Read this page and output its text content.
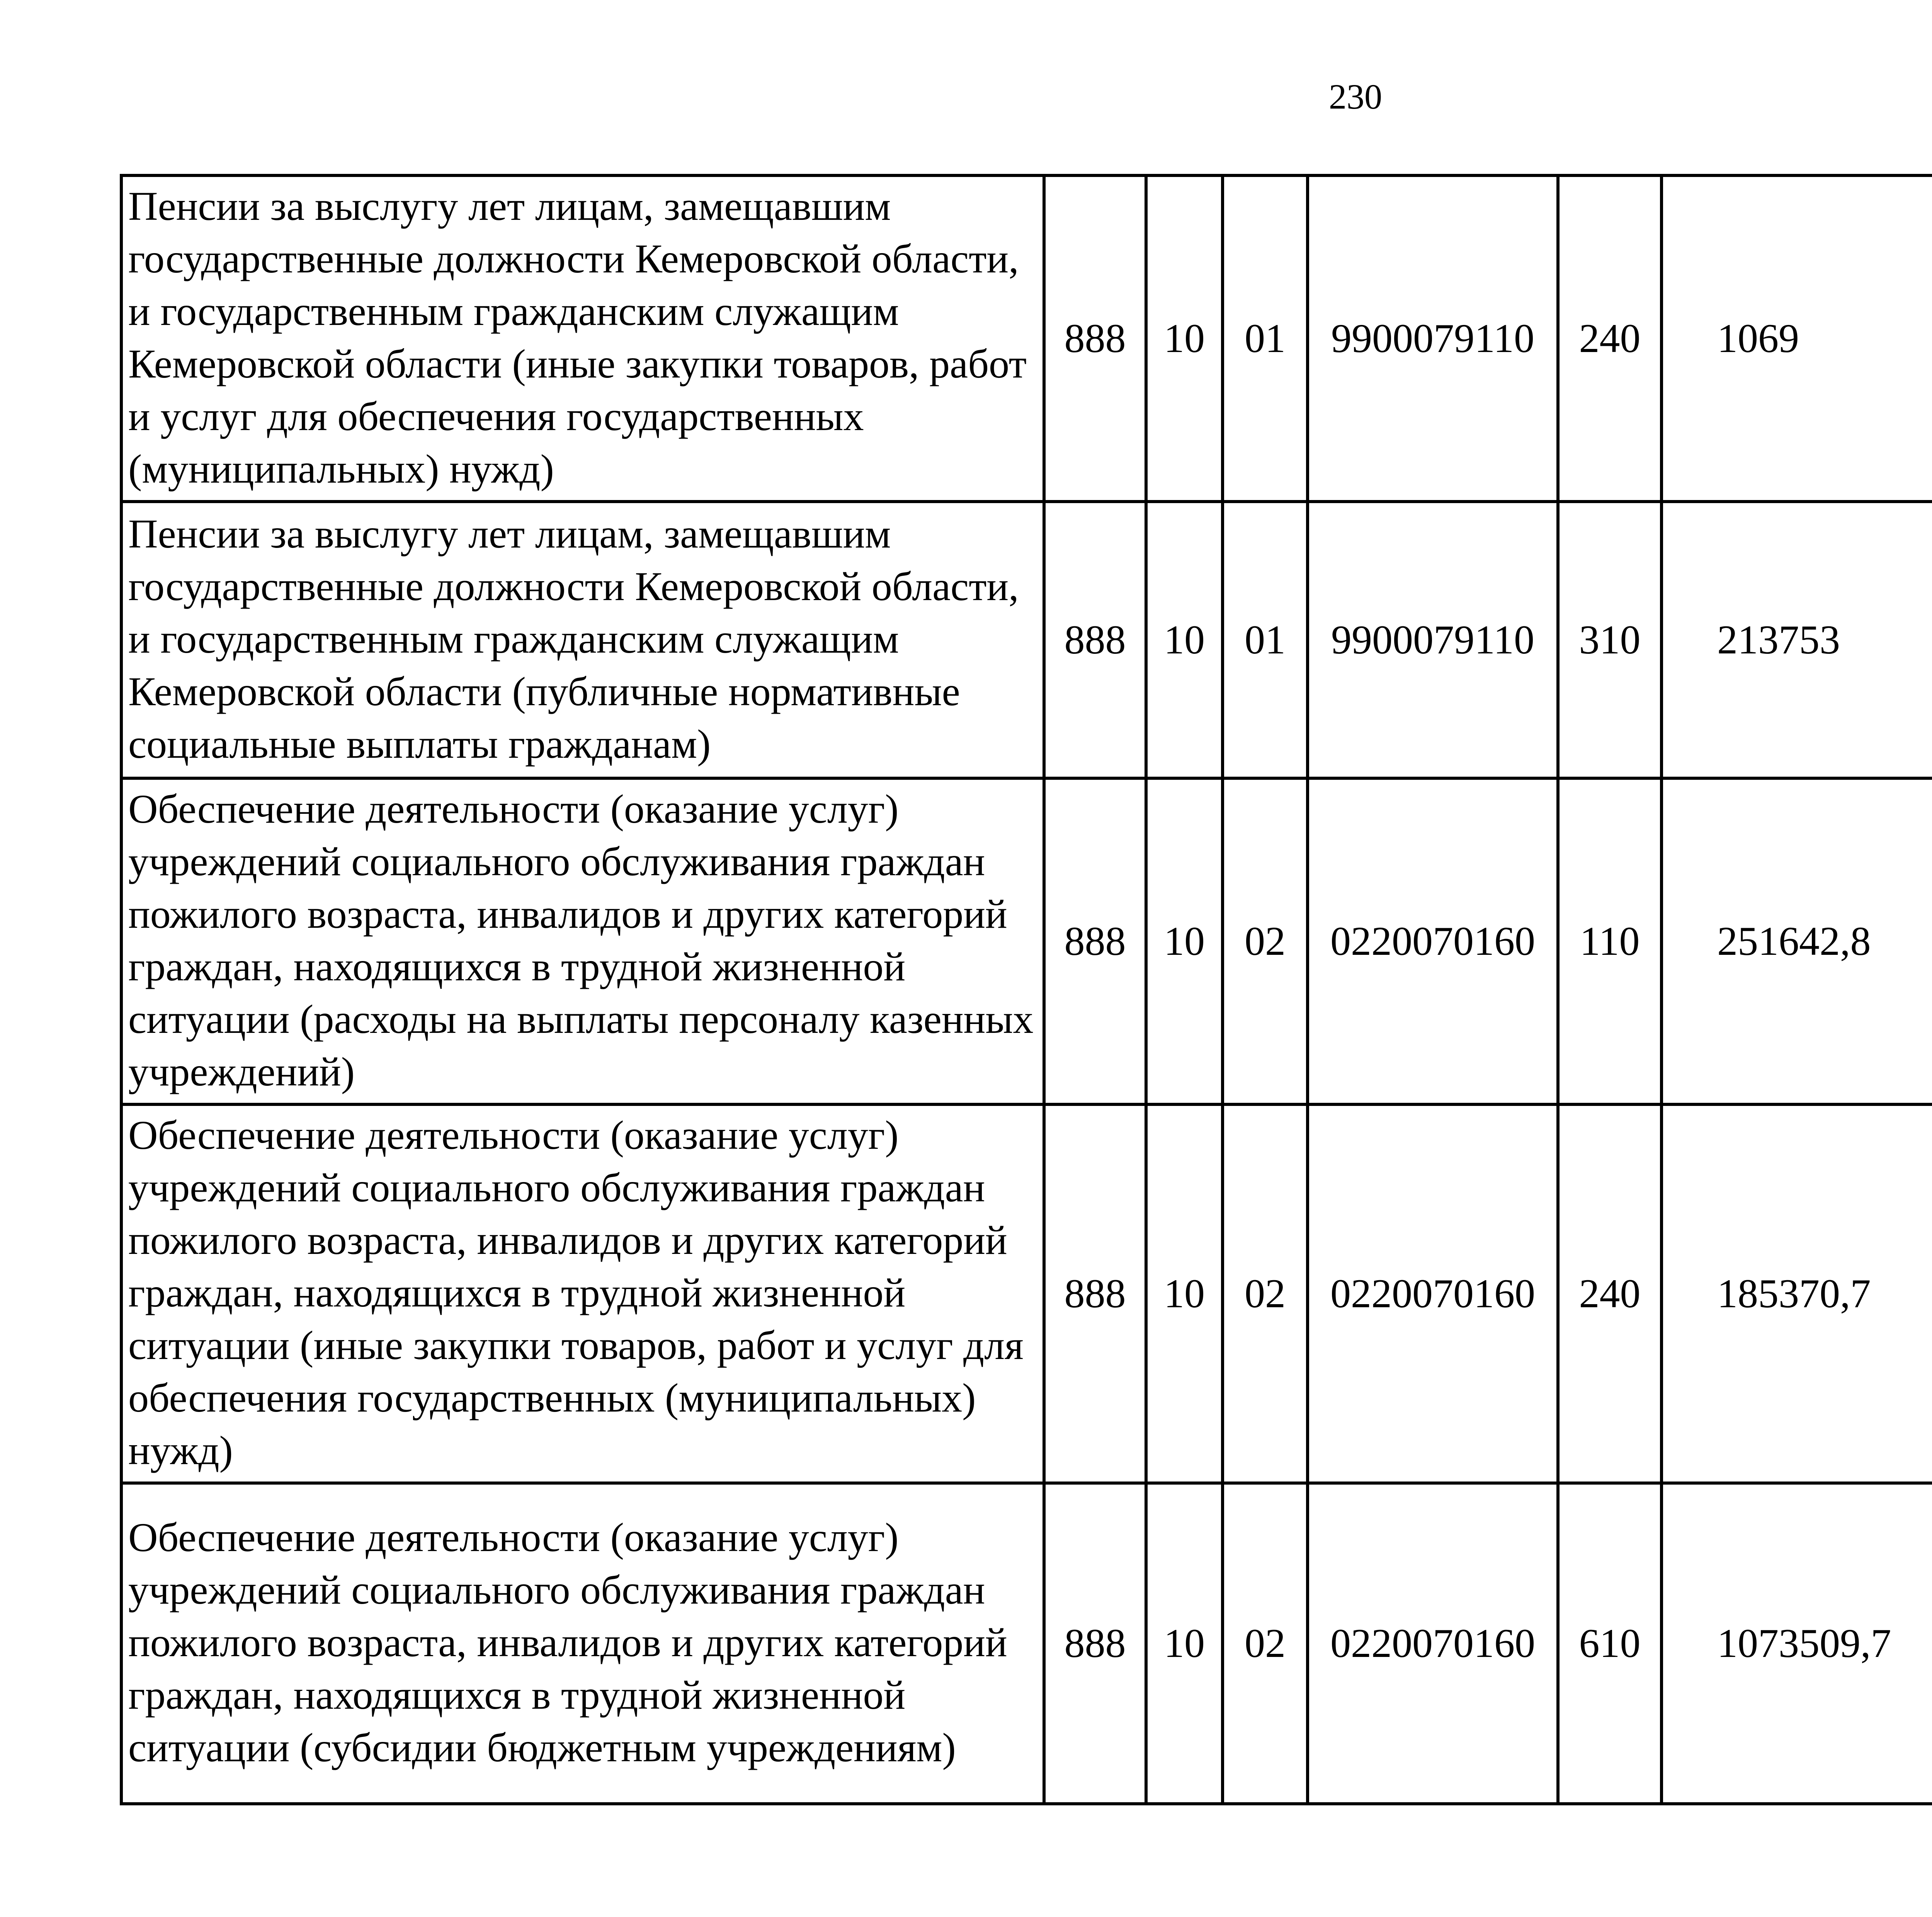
230
Пенсии за выслугу лет лицам, замещавшим государственные должности Кемеровской области, и государственным гражданским служащим Кемеровской области (иные закупки товаров, работ и услуг для обеспечения государственных (муниципальных) нужд)	888	10	01	9900079110	240	1069		
Пенсии за выслугу лет лицам, замещавшим государственные должности Кемеровской области, и государственным гражданским служащим Кемеровской области (публичные нормативные социальные выплаты гражданам)	888	10	01	9900079110	310	213753		
Обеспечение деятельности (оказание услуг) учреждений социального обслуживания граждан пожилого возраста, инвалидов и других категорий граждан, находящихся в трудной жизненной ситуации (расходы на выплаты персоналу казенных учреждений)	888	10	02	0220070160	110	251642,8		
Обеспечение деятельности (оказание услуг) учреждений социального обслуживания граждан пожилого возраста, инвалидов и других категорий граждан, находящихся в трудной жизненной ситуации (иные закупки товаров, работ и услуг для обеспечения государственных (муниципальных) нужд)	888	10	02	0220070160	240	185370,7		
Обеспечение деятельности (оказание услуг) учреждений социального обслуживания граждан пожилого возраста, инвалидов и других категорий граждан, находящихся в трудной жизненной ситуации (субсидии бюджетным учреждениям)	888	10	02	0220070160	610	1073509,7		
